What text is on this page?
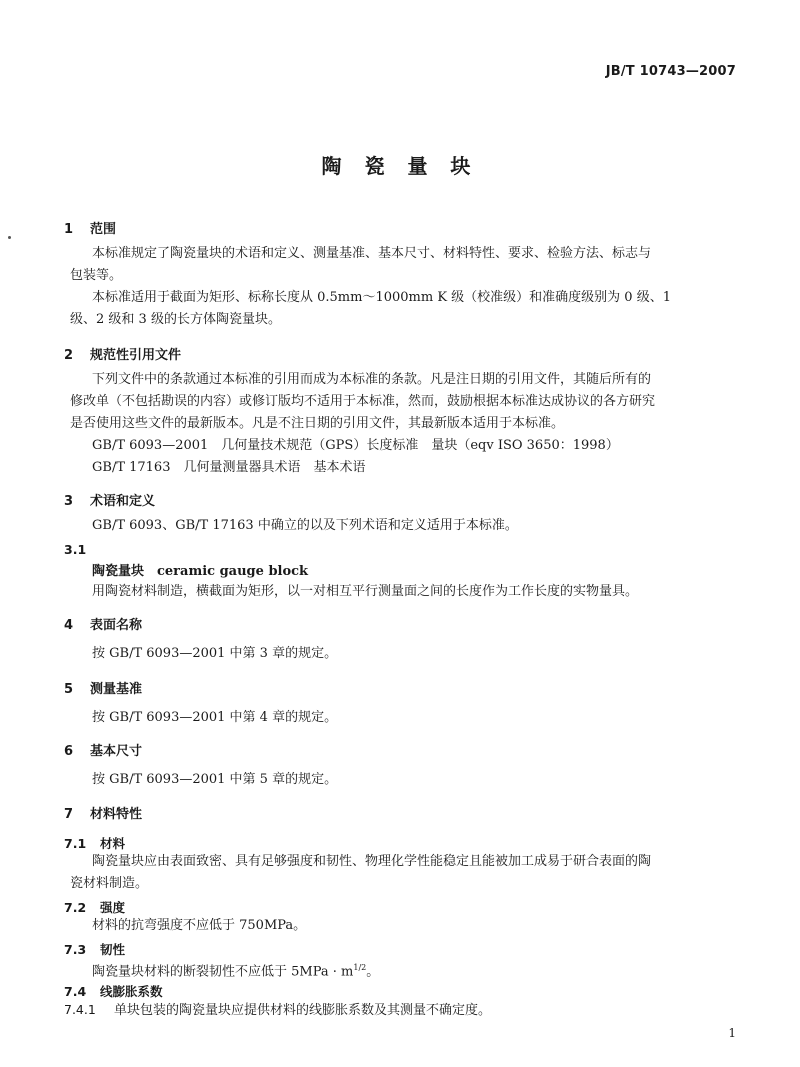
JB/T 10743—2007
陶 瓷 量 块
1 范围
本标准规定了陶瓷量块的术语和定义、测量基准、基本尺寸、材料特性、要求、检验方法、标志与
包装等。
本标准适用于截面为矩形、标称长度从 0.5mm～1000mm K 级（校准级）和准确度级别为 0 级、1
级、2 级和 3 级的长方体陶瓷量块。
2 规范性引用文件
下列文件中的条款通过本标准的引用而成为本标准的条款。凡是注日期的引用文件，其随后所有的
修改单（不包括勘误的内容）或修订版均不适用于本标准，然而，鼓励根据本标准达成协议的各方研究
是否使用这些文件的最新版本。凡是不注日期的引用文件，其最新版本适用于本标准。
GB/T 6093—2001　几何量技术规范（GPS）长度标准　量块（eqv ISO 3650：1998）
GB/T 17163　几何量测量器具术语　基本术语
3 术语和定义
GB/T 6093、GB/T 17163 中确立的以及下列术语和定义适用于本标准。
3.1
陶瓷量块　ceramic gauge block
用陶瓷材料制造，横截面为矩形，以一对相互平行测量面之间的长度作为工作长度的实物量具。
4 表面名称
按 GB/T 6093—2001 中第 3 章的规定。
5 测量基准
按 GB/T 6093—2001 中第 4 章的规定。
6 基本尺寸
按 GB/T 6093—2001 中第 5 章的规定。
7 材料特性
7.1 材料
陶瓷量块应由表面致密、具有足够强度和韧性、物理化学性能稳定且能被加工成易于研合表面的陶
瓷材料制造。
7.2 强度
材料的抗弯强度不应低于 750MPa。
7.3 韧性
陶瓷量块材料的断裂韧性不应低于 $5MPa \cdot m^{1/2}$。
7.4 线膨胀系数
7.4.1 单块包装的陶瓷量块应提供材料的线膨胀系数及其测量不确定度。
1
